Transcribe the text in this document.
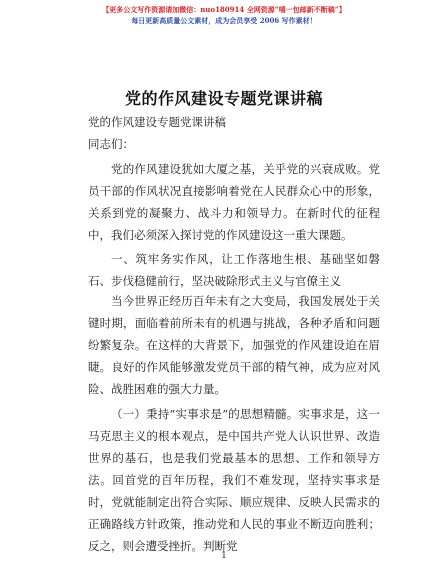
【更多公文写作资源请加微信：nuo180914 全网资源“嘻一包邮新不断稿”】
每日更新高质量公文素材，成为会员享受 2006 写作素材！
党的作风建设专题党课讲稿
党的作风建设专题党课讲稿
同志们：
党的作风建设犹如大厦之基，关乎党的兴衰成败。党员干部的作风状况直接影响着党在人民群众心中的形象，关系到党的凝聚力、战斗力和领导力。在新时代的征程中，我们必须深入探讨党的作风建设这一重大课题。
一、筑牢务实作风，让工作落地生根、基础坚如磐石、步伐稳健前行，坚决破除形式主义与官僚主义
当今世界正经历百年未有之大变局，我国发展处于关键时期，面临着前所未有的机遇与挑战，各种矛盾和问题纷繁复杂。在这样的大背景下，加强党的作风建设迫在眉睫。良好的作风能够激发党员干部的精气神，成为应对风险、战胜困难的强大力量。
（一）秉持“实事求是”的思想精髓。实事求是，这一马克思主义的根本观点，是中国共产党人认识世界、改造世界的基石，也是我们党最基本的思想、工作和领导方法。回首党的百年历程，我们不难发现，坚持实事求是时，党就能制定出符合实际、顺应规律、反映人民需求的正确路线方针政策，推动党和人民的事业不断迈向胜利；反之，则会遭受挫折。判断党
1
